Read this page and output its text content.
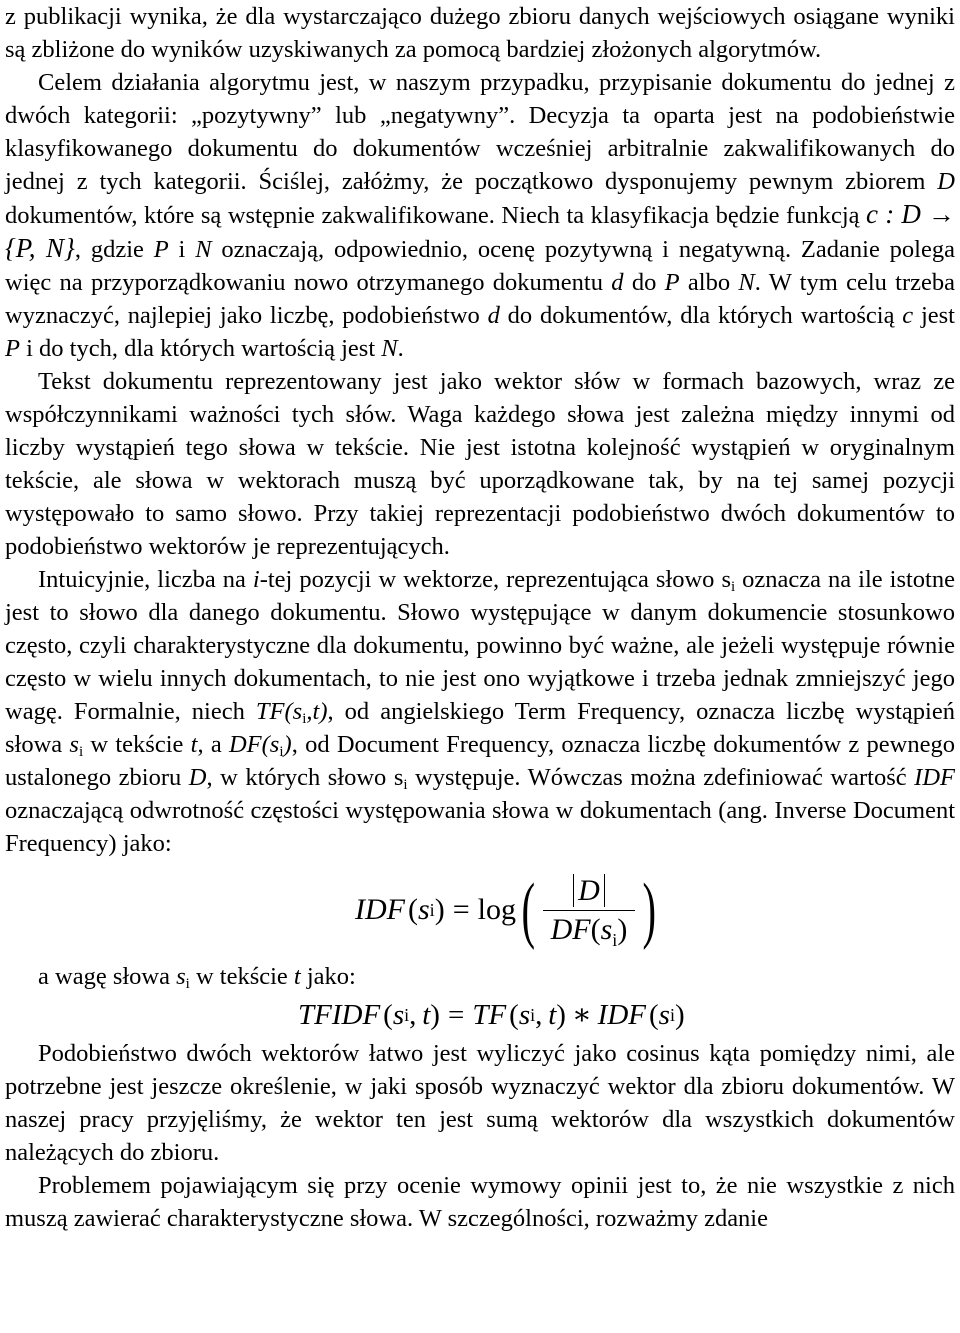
z publikacji wynika, że dla wystarczająco dużego zbioru danych wejściowych osiągane wyniki są zbliżone do wyników uzyskiwanych za pomocą bardziej złożonych algorytmów.

Celem działania algorytmu jest, w naszym przypadku, przypisanie dokumentu do jednej z dwóch kategorii: „pozytywny” lub „negatywny”. Decyzja ta oparta jest na podobieństwie klasyfikowanego dokumentu do dokumentów wcześniej arbitralnie zakwalifikowanych do jednej z tych kategorii. Ściślej, załóżmy, że początkowo dysponujemy pewnym zbiorem D dokumentów, które są wstępnie zakwalifikowane. Niech ta klasyfikacja będzie funkcją c : D → {P, N}, gdzie P i N oznaczają, odpowiednio, ocenę pozytywną i negatywną. Zadanie polega więc na przyporządkowaniu nowo otrzymanego dokumentu d do P albo N. W tym celu trzeba wyznaczyć, najlepiej jako liczbę, podobieństwo d do dokumentów, dla których wartością c jest P i do tych, dla których wartością jest N.

Tekst dokumentu reprezentowany jest jako wektor słów w formach bazowych, wraz ze współczynnikami ważności tych słów. Waga każdego słowa jest zależna między innymi od liczby wystąpień tego słowa w tekście. Nie jest istotna kolejność wystąpień w oryginalnym tekście, ale słowa w wektorach muszą być uporządkowane tak, by na tej samej pozycji występowało to samo słowo. Przy takiej reprezentacji podobieństwo dwóch dokumentów to podobieństwo wektorów je reprezentujących.

Intuicyjnie, liczba na i-tej pozycji w wektorze, reprezentująca słowo $s_i$ oznacza na ile istotne jest to słowo dla danego dokumentu. Słowo występujące w danym dokumencie stosunkowo często, czyli charakterystyczne dla dokumentu, powinno być ważne, ale jeżeli występuje równie często w wielu innych dokumentach, to nie jest ono wyjątkowe i trzeba jednak zmniejszyć jego wagę. Formalnie, niech $TF(s_i,t)$, od angielskiego Term Frequency, oznacza liczbę wystąpień słowa $s_i$ w tekście t, a $DF(s_i)$, od Document Frequency, oznacza liczbę dokumentów z pewnego ustalonego zbioru D, w których słowo $s_i$ występuje. Wówczas można zdefiniować wartość IDF oznaczającą odwrotność częstości występowania słowa w dokumentach (ang. Inverse Document Frequency) jako:

IDF ( s i ) = log ( $\frac{D}{DF(s_i)}$ )

a wagę słowa $s_i$ w tekście t jako:

TFIDF ( s i ,  t ) = TF ( s i ,  t ) ∗ IDF ( s i )

Podobieństwo dwóch wektorów łatwo jest wyliczyć jako cosinus kąta pomiędzy nimi, ale potrzebne jest jeszcze określenie, w jaki sposób wyznaczyć wektor dla zbioru dokumentów. W naszej pracy przyjęliśmy, że wektor ten jest sumą wektorów dla wszystkich dokumentów należących do zbioru.

Problemem pojawiającym się przy ocenie wymowy opinii jest to, że nie wszystkie z nich muszą zawierać charakterystyczne słowa. W szczególności, rozważmy zdanie
